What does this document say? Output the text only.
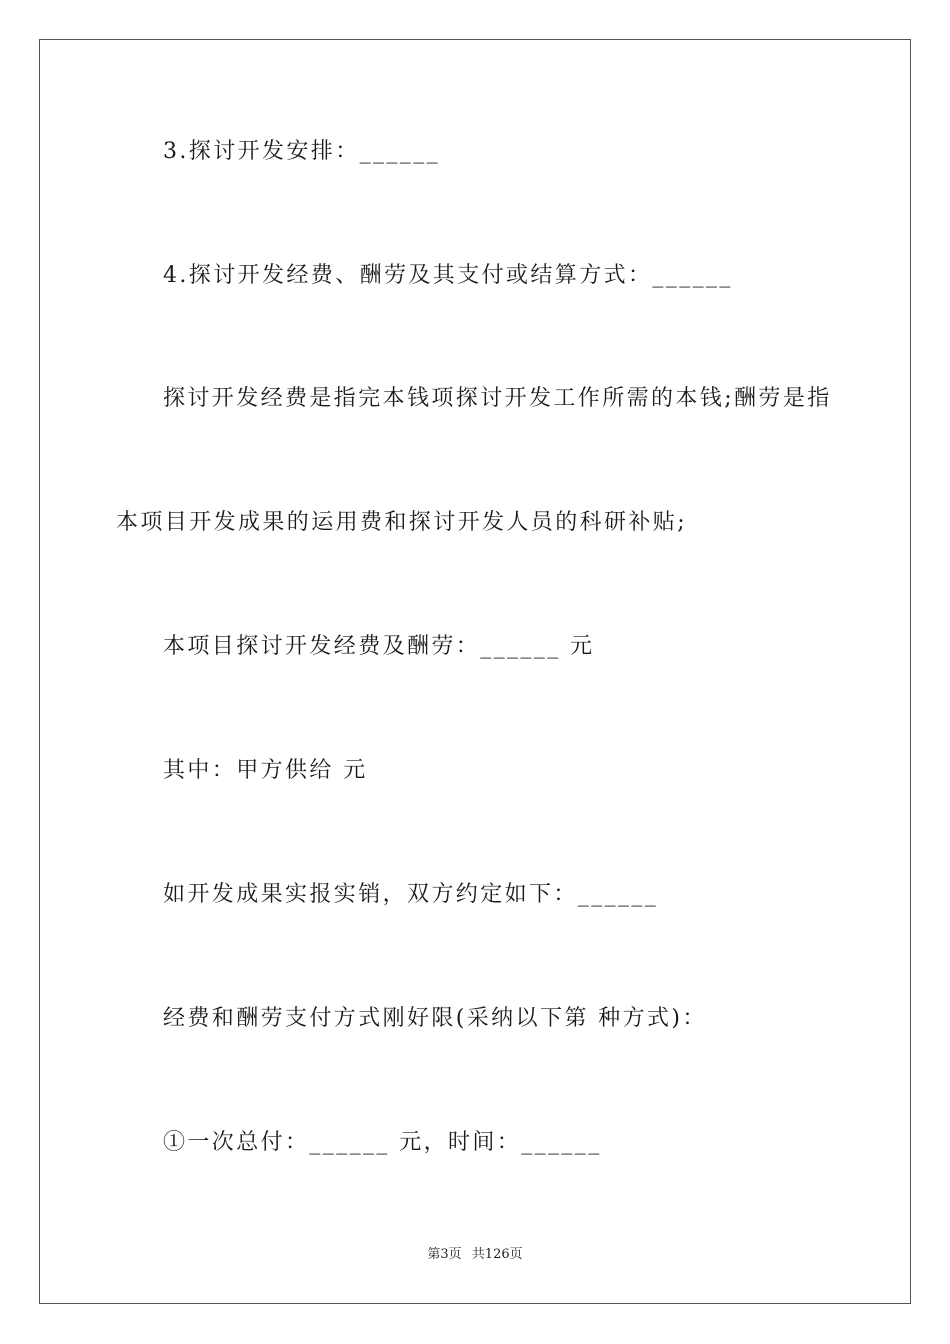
3.探讨开发安排：______
4.探讨开发经费、酬劳及其支付或结算方式：______
探讨开发经费是指完本钱项探讨开发工作所需的本钱;酬劳是指
本项目开发成果的运用费和探讨开发人员的科研补贴;
本项目探讨开发经费及酬劳：______ 元
其中：甲方供给 元
如开发成果实报实销，双方约定如下：______
经费和酬劳支付方式刚好限(采纳以下第 种方式)：
①一次总付：______ 元，时间：______
第3页 共126页
